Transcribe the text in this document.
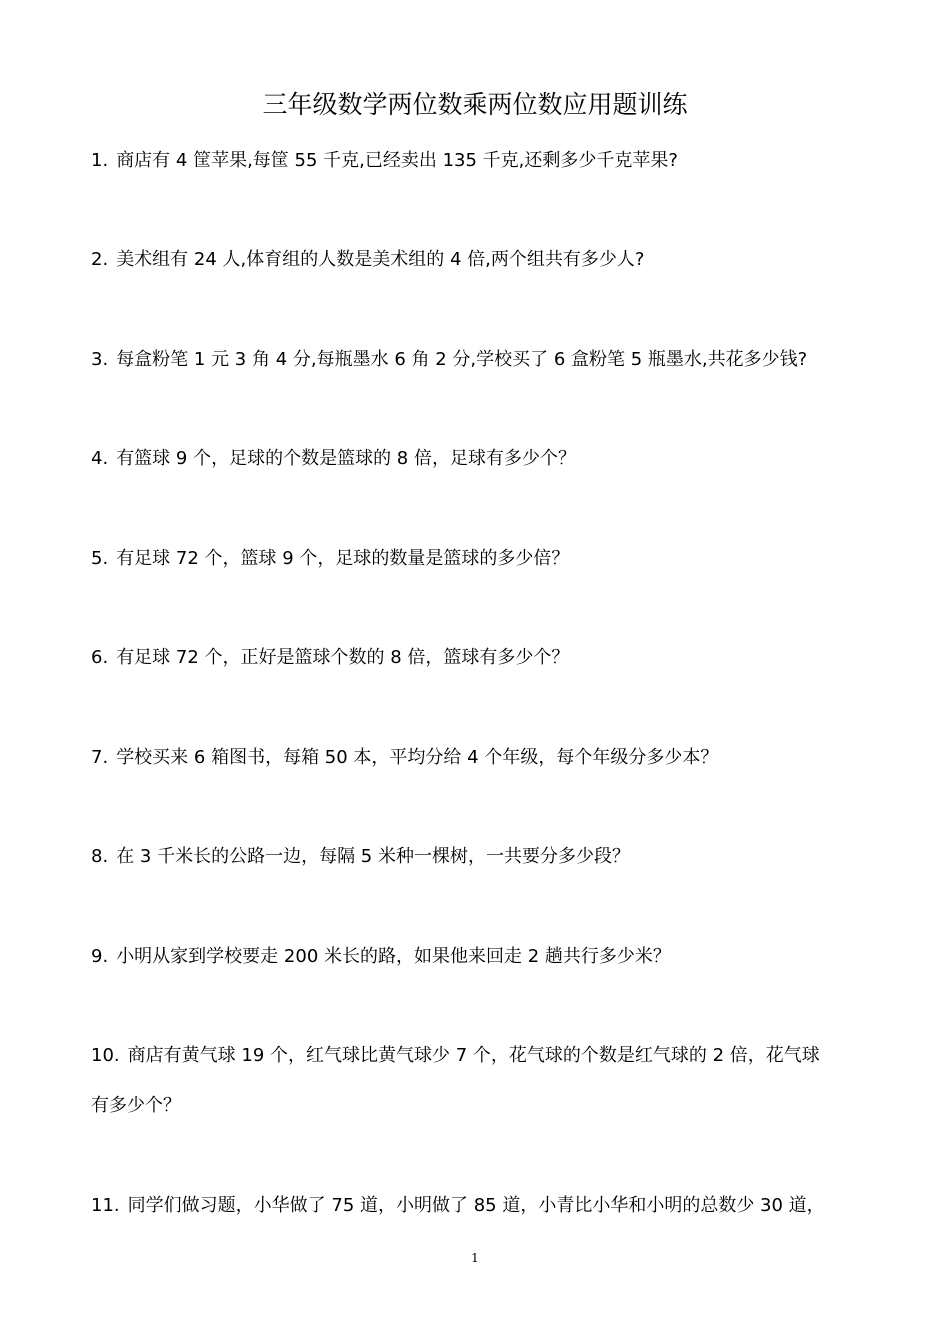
三年级数学两位数乘两位数应用题训练
1. 商店有 4 筐苹果,每筐 55 千克,已经卖出 135 千克,还剩多少千克苹果?
2. 美术组有 24 人,体育组的人数是美术组的 4 倍,两个组共有多少人?
3. 每盒粉笔 1 元 3 角 4 分,每瓶墨水 6 角 2 分,学校买了 6 盒粉笔 5 瓶墨水,共花多少钱?
4. 有篮球 9 个，足球的个数是篮球的 8 倍，足球有多少个？
5. 有足球 72 个，篮球 9 个，足球的数量是篮球的多少倍？
6. 有足球 72 个，正好是篮球个数的 8 倍，篮球有多少个？
7. 学校买来 6 箱图书，每箱 50 本，平均分给 4 个年级，每个年级分多少本？
8. 在 3 千米长的公路一边，每隔 5 米种一棵树，一共要分多少段？
9. 小明从家到学校要走 200 米长的路，如果他来回走 2 趟共行多少米？
10. 商店有黄气球 19 个，红气球比黄气球少 7 个，花气球的个数是红气球的 2 倍，花气球
有多少个？
11. 同学们做习题，小华做了 75 道，小明做了 85 道，小青比小华和小明的总数少 30 道，
1
